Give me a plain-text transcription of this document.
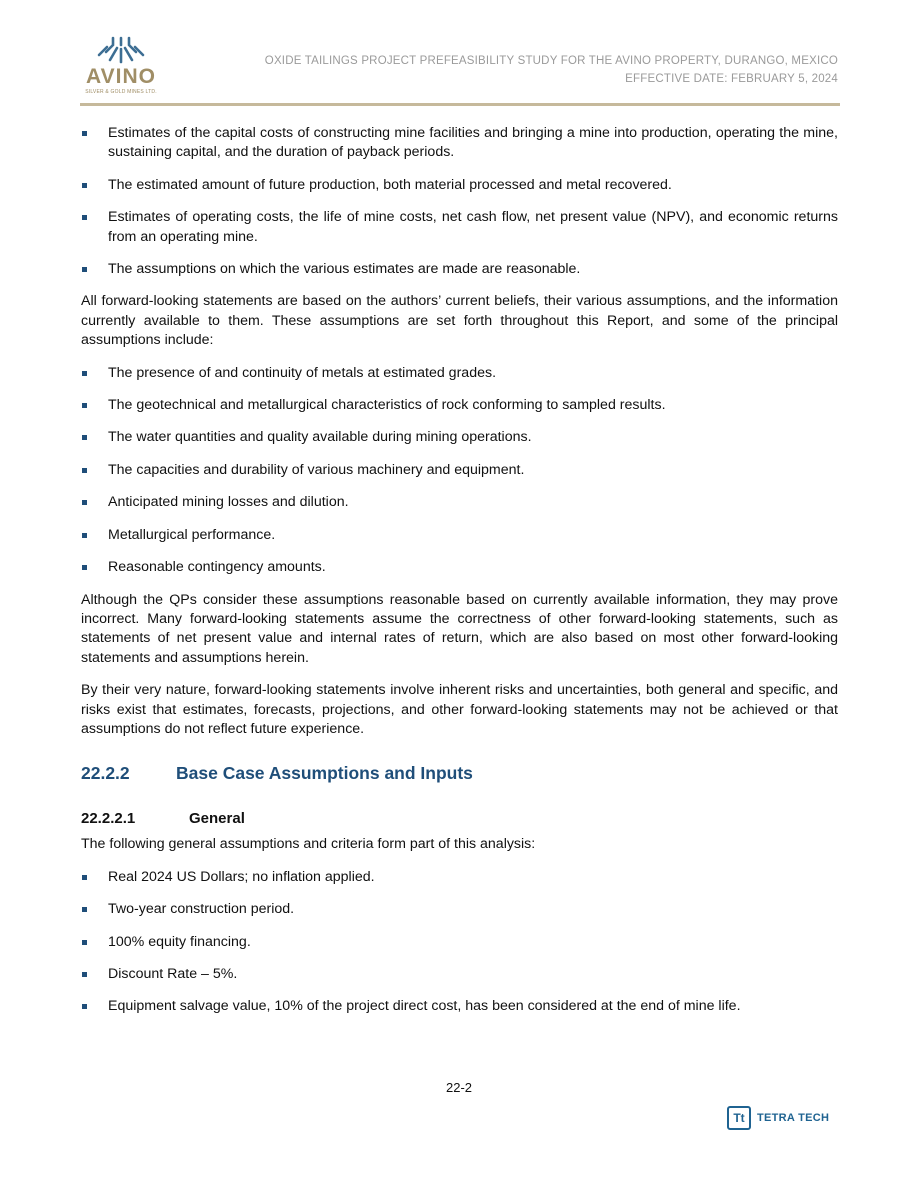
AVINO
SILVER & GOLD MINES LTD.
OXIDE TAILINGS PROJECT PREFEASIBILITY STUDY FOR THE AVINO PROPERTY, DURANGO, MEXICO
EFFECTIVE DATE: FEBRUARY 5, 2024
Estimates of the capital costs of constructing mine facilities and bringing a mine into production, operating the mine, sustaining capital, and the duration of payback periods.
The estimated amount of future production, both material processed and metal recovered.
Estimates of operating costs, the life of mine costs, net cash flow, net present value (NPV), and economic returns from an operating mine.
The assumptions on which the various estimates are made are reasonable.

All forward-looking statements are based on the authors’ current beliefs, their various assumptions, and the information currently available to them. These assumptions are set forth throughout this Report, and some of the principal assumptions include:

The presence of and continuity of metals at estimated grades.
The geotechnical and metallurgical characteristics of rock conforming to sampled results.
The water quantities and quality available during mining operations.
The capacities and durability of various machinery and equipment.
Anticipated mining losses and dilution.
Metallurgical performance.
Reasonable contingency amounts.

Although the QPs consider these assumptions reasonable based on currently available information, they may prove incorrect. Many forward-looking statements assume the correctness of other forward-looking statements, such as statements of net present value and internal rates of return, which are also based on most other forward-looking statements and assumptions herein.

By their very nature, forward-looking statements involve inherent risks and uncertainties, both general and specific, and risks exist that estimates, forecasts, projections, and other forward-looking statements may not be achieved or that assumptions do not reflect future experience.

22.2.2	Base Case Assumptions and Inputs
22.2.2.1	General

The following general assumptions and criteria form part of this analysis:

Real 2024 US Dollars; no inflation applied.
Two-year construction period.
100% equity financing.
Discount Rate – 5%.
Equipment salvage value, 10% of the project direct cost, has been considered at the end of mine life.
22-2
Tt	TETRA TECH
